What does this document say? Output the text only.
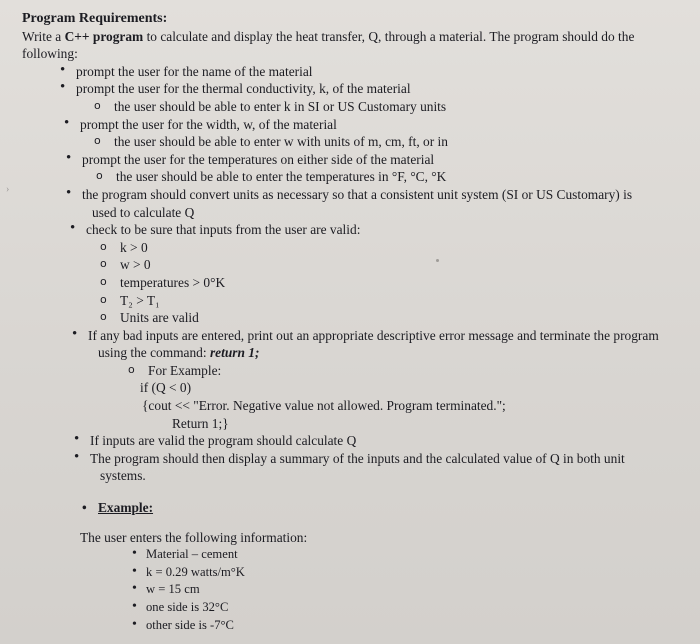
›
Program Requirements:

Write a C++ program to calculate and display the heat transfer, Q, through a material. The program should do the following:

• prompt the user for the name of the material
• prompt the user for the thermal conductivity, k, of the material
o the user should be able to enter k in SI or US Customary units
• prompt the user for the width, w, of the material
o the user should be able to enter w with units of m, cm, ft, or in
• prompt the user for the temperatures on either side of the material
o the user should be able to enter the temperatures in °F, °C, °K
• the program should convert units as necessary so that a consistent unit system (SI or US Customary) is
used to calculate Q
• check to be sure that inputs from the user are valid:
o k > 0
o w > 0
o temperatures > 0°K
o T₂ > T₁
o Units are valid
• If any bad inputs are entered, print out an appropriate descriptive error message and terminate the program
using the command: return 1;
o For Example:
if (Q < 0)
{cout << "Error. Negative value not allowed. Program terminated.";
Return 1;}
• If inputs are valid the program should calculate Q
• The program should then display a summary of the inputs and the calculated value of Q in both unit
systems.
• Example:
The user enters the following information:
• Material – cement
• k = 0.29 watts/m°K
• w = 15 cm
• one side is 32°C
• other side is -7°C
